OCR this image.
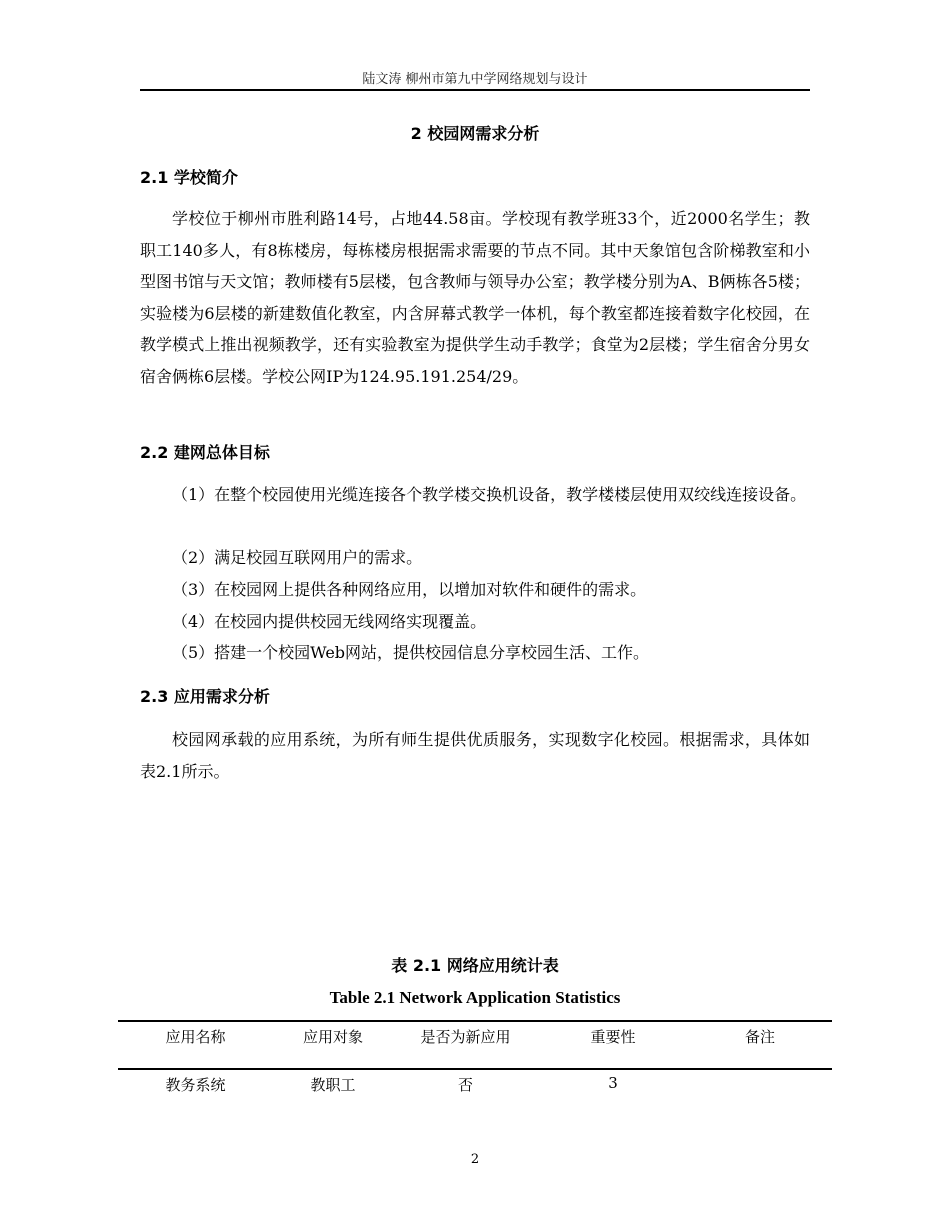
陆文涛 柳州市第九中学网络规划与设计
2 校园网需求分析
2.1 学校简介

学校位于柳州市胜利路14号，占地44.58亩。学校现有教学班33个，近2000名学生；教职工140多人，有8栋楼房，每栋楼房根据需求需要的节点不同。其中天象馆包含阶梯教室和小型图书馆与天文馆；教师楼有5层楼，包含教师与领导办公室；教学楼分别为A、B俩栋各5楼；实验楼为6层楼的新建数值化教室，内含屏幕式教学一体机，每个教室都连接着数字化校园，在教学模式上推出视频教学，还有实验教室为提供学生动手教学；食堂为2层楼；学生宿舍分男女宿舍俩栋6层楼。学校公网IP为124.95.191.254/29。

2.2 建网总体目标

（1）在整个校园使用光缆连接各个教学楼交换机设备，教学楼楼层使用双绞线连接设备。

（2）满足校园互联网用户的需求。

（3）在校园网上提供各种网络应用，以增加对软件和硬件的需求。

（4）在校园内提供校园无线网络实现覆盖。

（5）搭建一个校园Web网站，提供校园信息分享校园生活、工作。

2.3 应用需求分析

校园网承载的应用系统，为所有师生提供优质服务，实现数字化校园。根据需求，具体如表2.1所示。

表 2.1 网络应用统计表
Table 2.1 Network Application Statistics
应用名称	应用对象	是否为新应用	重要性	备注
教务系统	教职工	否	3	
2
